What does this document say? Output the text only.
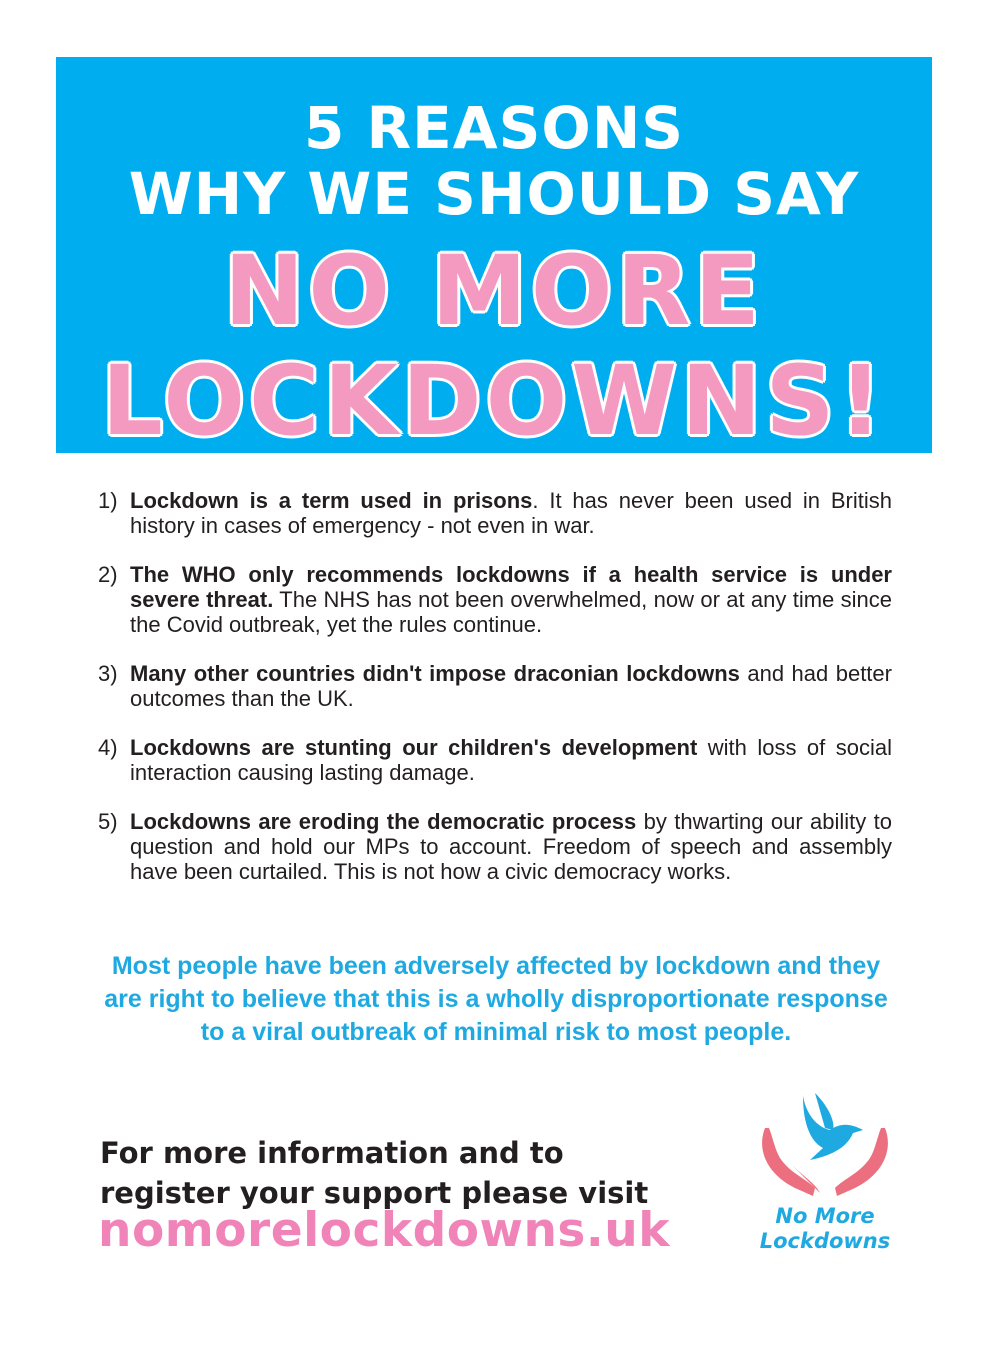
5 REASONS
WHY WE SHOULD SAY
NO MORE
LOCKDOWNS!
1) Lockdown is a term used in prisons. It has never been used in British history in cases of emergency - not even in war.
2) The WHO only recommends lockdowns if a health service is under severe threat. The NHS has not been overwhelmed, now or at any time since the Covid outbreak, yet the rules continue.
3) Many other countries didn't impose draconian lockdowns and had better outcomes than the UK.
4) Lockdowns are stunting our children's development with loss of social interaction causing lasting damage.
5) Lockdowns are eroding the democratic process by thwarting our ability to question and hold our MPs to account. Freedom of speech and assembly have been curtailed. This is not how a civic democracy works.
Most people have been adversely affected by lockdown and they are right to believe that this is a wholly disproportionate response to a viral outbreak of minimal risk to most people.
For more information and to
register your support please visit
nomorelockdowns.uk	No More
Lockdowns
